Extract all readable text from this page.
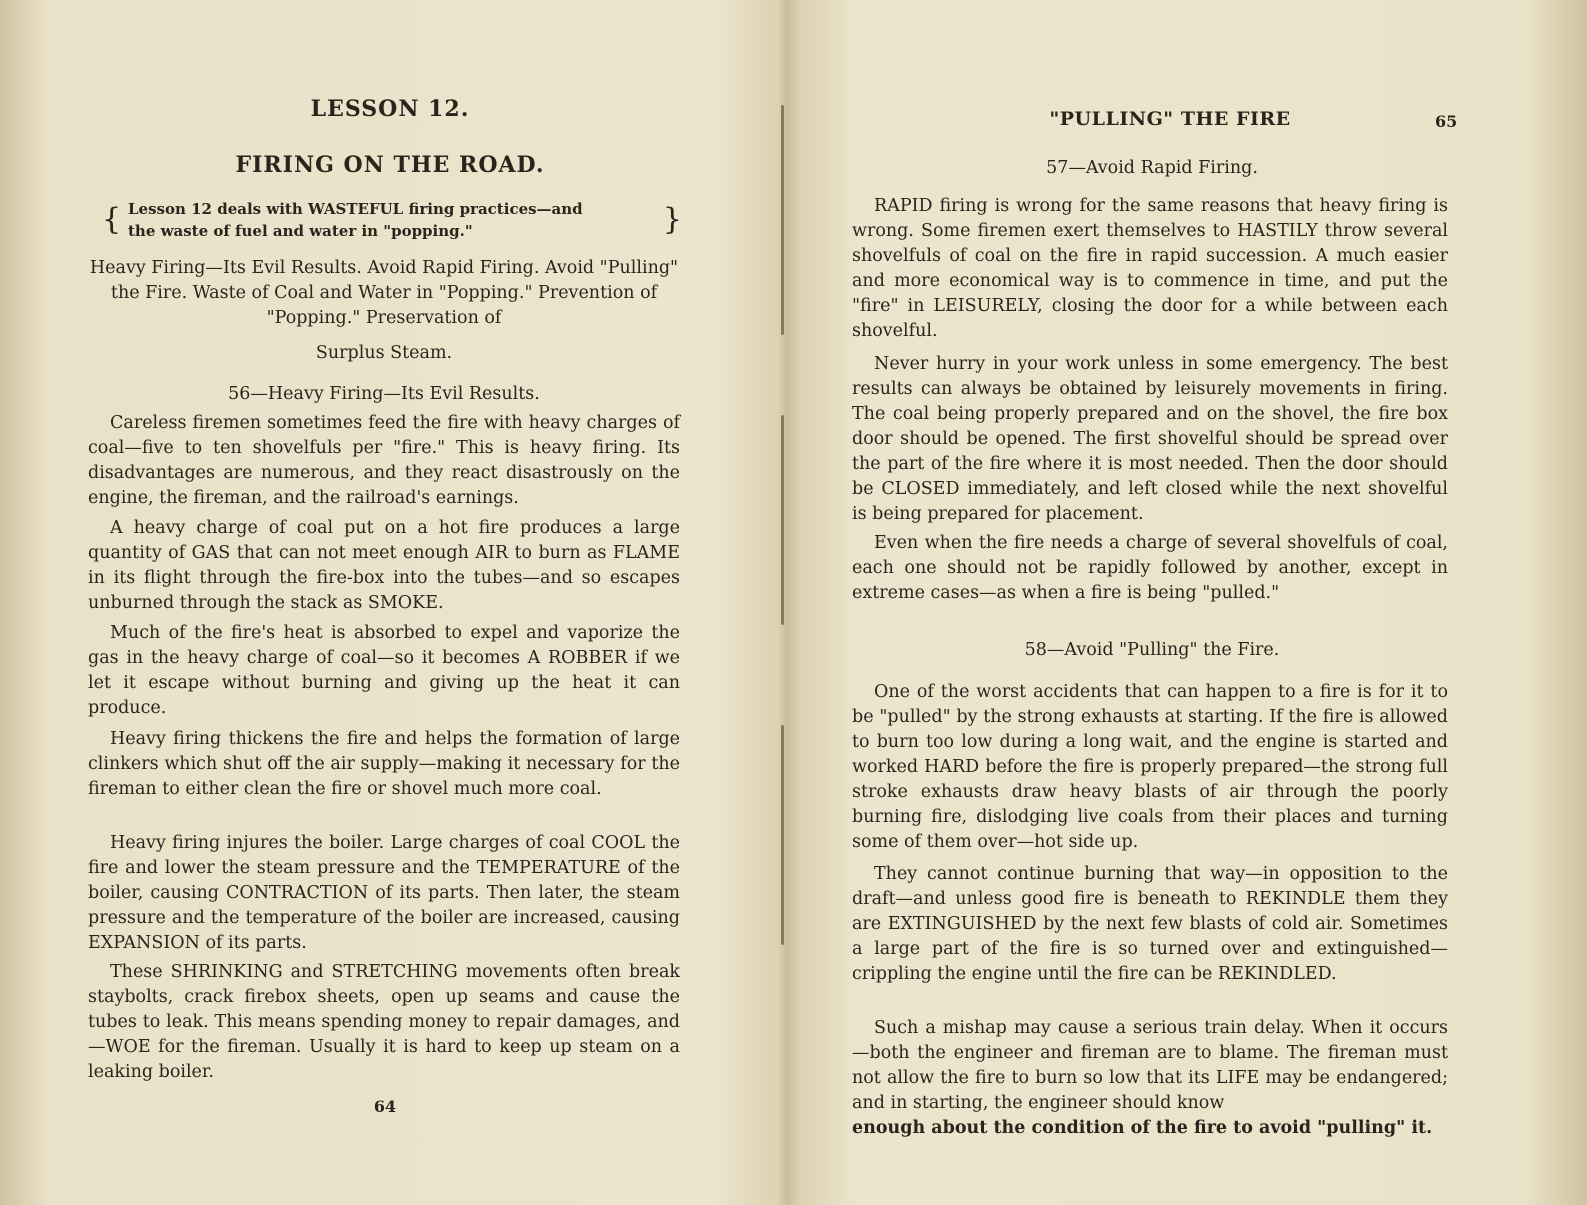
LESSON 12.
FIRING ON THE ROAD.
{ Lesson 12 deals with WASTEFUL firing practices—and
the waste of fuel and water in "popping."	}
Heavy Firing—Its Evil Results. Avoid Rapid Firing. Avoid "Pulling" the Fire. Waste of Coal and Water in "Popping." Prevention of "Popping." Preservation of
Surplus Steam.
56—Heavy Firing—Its Evil Results.
Careless firemen sometimes feed the fire with heavy charges of coal—five to ten shovelfuls per "fire." This is heavy firing. Its disadvantages are numerous, and they react disastrously on the engine, the fireman, and the railroad's earnings.
A heavy charge of coal put on a hot fire produces a large quantity of GAS that can not meet enough AIR to burn as FLAME in its flight through the fire-box into the tubes—and so escapes unburned through the stack as SMOKE.
Much of the fire's heat is absorbed to expel and vaporize the gas in the heavy charge of coal—so it becomes A ROBBER if we let it escape without burning and giving up the heat it can produce.
Heavy firing thickens the fire and helps the formation of large clinkers which shut off the air supply—making it necessary for the fireman to either clean the fire or shovel much more coal.
Heavy firing injures the boiler. Large charges of coal COOL the fire and lower the steam pressure and the TEMPERATURE of the boiler, causing CONTRACTION of its parts. Then later, the steam pressure and the temperature of the boiler are increased, causing EXPANSION of its parts.
These SHRINKING and STRETCHING movements often break staybolts, crack firebox sheets, open up seams and cause the tubes to leak. This means spending money to repair damages, and—WOE for the fireman. Usually it is hard to keep up steam on a leaking boiler.
64
"PULLING" THE FIRE	65
57—Avoid Rapid Firing.
RAPID firing is wrong for the same reasons that heavy firing is wrong. Some firemen exert themselves to HASTILY throw several shovelfuls of coal on the fire in rapid succession. A much easier and more economical way is to commence in time, and put the "fire" in LEISURELY, closing the door for a while between each shovelful.
Never hurry in your work unless in some emergency. The best results can always be obtained by leisurely movements in firing. The coal being properly prepared and on the shovel, the fire box door should be opened. The first shovelful should be spread over the part of the fire where it is most needed. Then the door should be CLOSED immediately, and left closed while the next shovelful is being prepared for placement.
Even when the fire needs a charge of several shovelfuls of coal, each one should not be rapidly followed by another, except in extreme cases—as when a fire is being "pulled."
58—Avoid "Pulling" the Fire.
One of the worst accidents that can happen to a fire is for it to be "pulled" by the strong exhausts at starting. If the fire is allowed to burn too low during a long wait, and the engine is started and worked HARD before the fire is properly prepared—the strong full stroke exhausts draw heavy blasts of air through the poorly burning fire, dislodging live coals from their places and turning some of them over—hot side up.
They cannot continue burning that way—in opposition to the draft—and unless good fire is beneath to REKINDLE them they are EXTINGUISHED by the next few blasts of cold air. Sometimes a large part of the fire is so turned over and extinguished—crippling the engine until the fire can be REKINDLED.
Such a mishap may cause a serious train delay. When it occurs—both the engineer and fireman are to blame. The fireman must not allow the fire to burn so low that its LIFE may be endangered; and in starting, the engineer should know
enough about the condition of the fire to avoid "pulling" it.
